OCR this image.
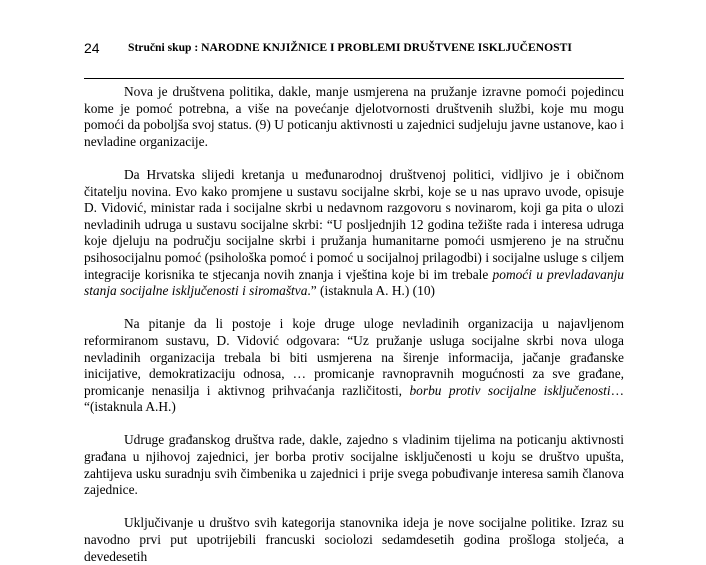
24 Stručni skup : NARODNE KNJIŽNICE I PROBLEMI DRUŠTVENE ISKLJUČENOSTI

Nova je društvena politika, dakle, manje usmjerena na pružanje izravne pomoći pojedincu kome je pomoć potrebna, a više na povećanje djelotvornosti društvenih službi, koje mu mogu pomoći da poboljša svoj status. (9) U poticanju aktivnosti u zajednici sudjeluju javne ustanove, kao i nevladine organizacije.

Da Hrvatska slijedi kretanja u međunarodnoj društvenoj politici, vidljivo je i običnom čitatelju novina. Evo kako promjene u sustavu socijalne skrbi, koje se u nas upravo uvode, opisuje D. Vidović, ministar rada i socijalne skrbi u nedavnom razgovoru s novinarom, koji ga pita o ulozi nevladinih udruga u sustavu socijalne skrbi: “U posljednjih 12 godina težište rada i interesa udruga koje djeluju na području socijalne skrbi i pružanja humanitarne pomoći usmjereno je na stručnu psihosocijalnu pomoć (psihološka pomoć i pomoć u socijalnoj prilagodbi) i socijalne usluge s ciljem integracije korisnika te stjecanja novih znanja i vještina koje bi im trebale pomoći u prevladavanju stanja socijalne isključenosti i siromaštva.” (istaknula A. H.) (10)

Na pitanje da li postoje i koje druge uloge nevladinih organizacija u najavljenom reformiranom sustavu, D. Vidović odgovara: “Uz pružanje usluga socijalne skrbi nova uloga nevladinih organizacija trebala bi biti usmjerena na širenje informacija, jačanje građanske inicijative, demokratizaciju odnosa, … promicanje ravnopravnih mogućnosti za sve građane, promicanje nenasilja i aktivnog prihvaćanja različitosti, borbu protiv socijalne isključenosti… “(istaknula A.H.)

Udruge građanskog društva rade, dakle, zajedno s vladinim tijelima na poticanju aktivnosti građana u njihovoj zajednici, jer borba protiv socijalne isključenosti u koju se društvo upušta, zahtijeva usku suradnju svih čimbenika u zajednici i prije svega pobuđivanje interesa samih članova zajednice.

Uključivanje u društvo svih kategorija stanovnika ideja je nove socijalne politike. Izraz su navodno prvi put upotrijebili francuski sociolozi sedamdesetih godina prošloga stoljeća, a devedesetih
